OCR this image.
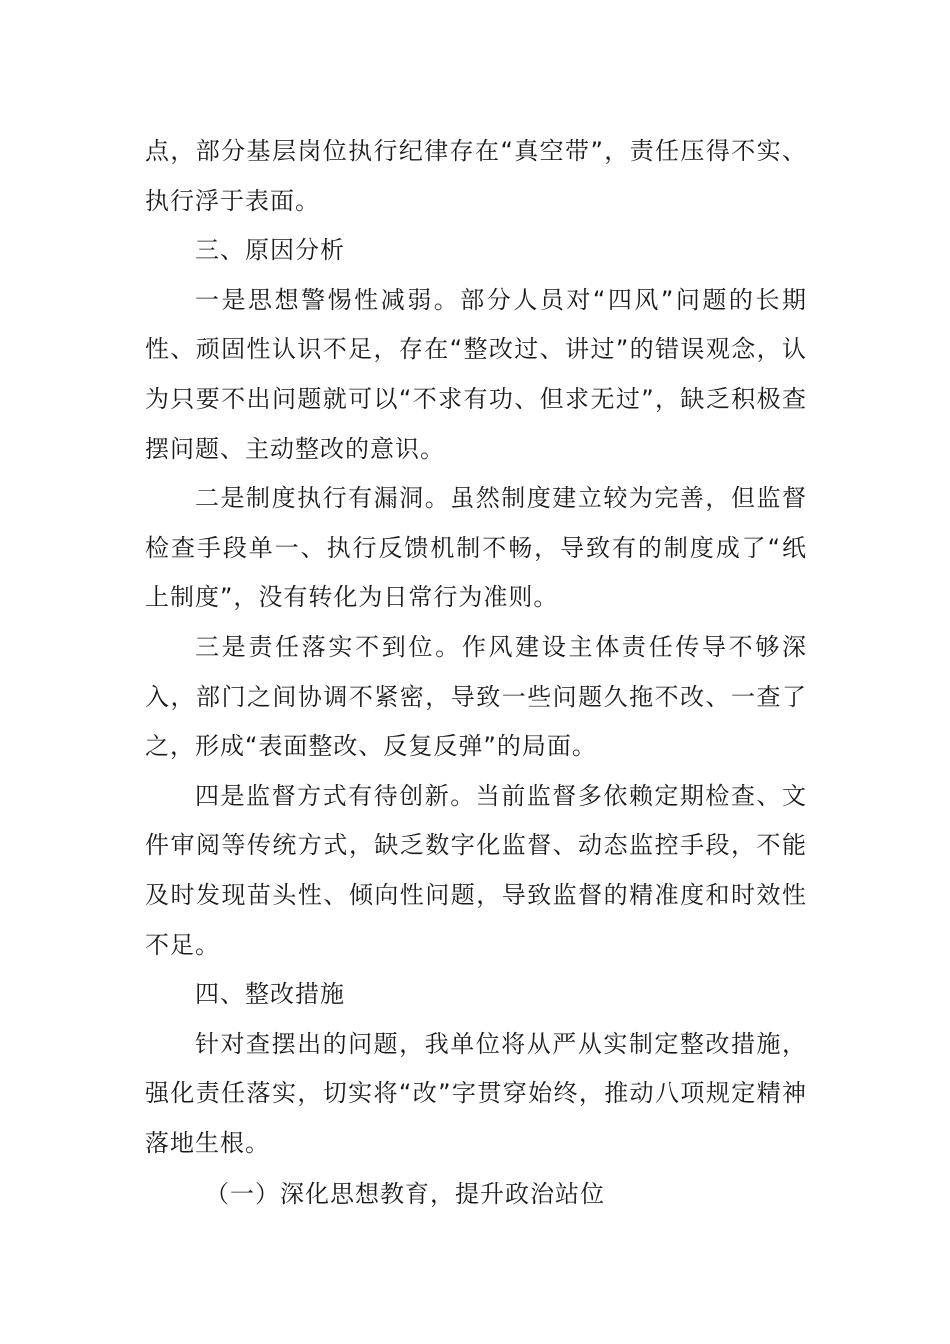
点，部分基层岗位执行纪律存在“真空带”，责任压得不实、执行浮于表面。

三、原因分析

一是思想警惕性减弱。部分人员对“四风”问题的长期性、顽固性认识不足，存在“整改过、讲过”的错误观念，认为只要不出问题就可以“不求有功、但求无过”，缺乏积极查摆问题、主动整改的意识。

二是制度执行有漏洞。虽然制度建立较为完善，但监督检查手段单一、执行反馈机制不畅，导致有的制度成了“纸上制度”，没有转化为日常行为准则。

三是责任落实不到位。作风建设主体责任传导不够深入，部门之间协调不紧密，导致一些问题久拖不改、一查了之，形成“表面整改、反复反弹”的局面。

四是监督方式有待创新。当前监督多依赖定期检查、文件审阅等传统方式，缺乏数字化监督、动态监控手段，不能及时发现苗头性、倾向性问题，导致监督的精准度和时效性不足。

四、整改措施

针对查摆出的问题，我单位将从严从实制定整改措施，强化责任落实，切实将“改”字贯穿始终，推动八项规定精神落地生根。

（一）深化思想教育，提升政治站位
